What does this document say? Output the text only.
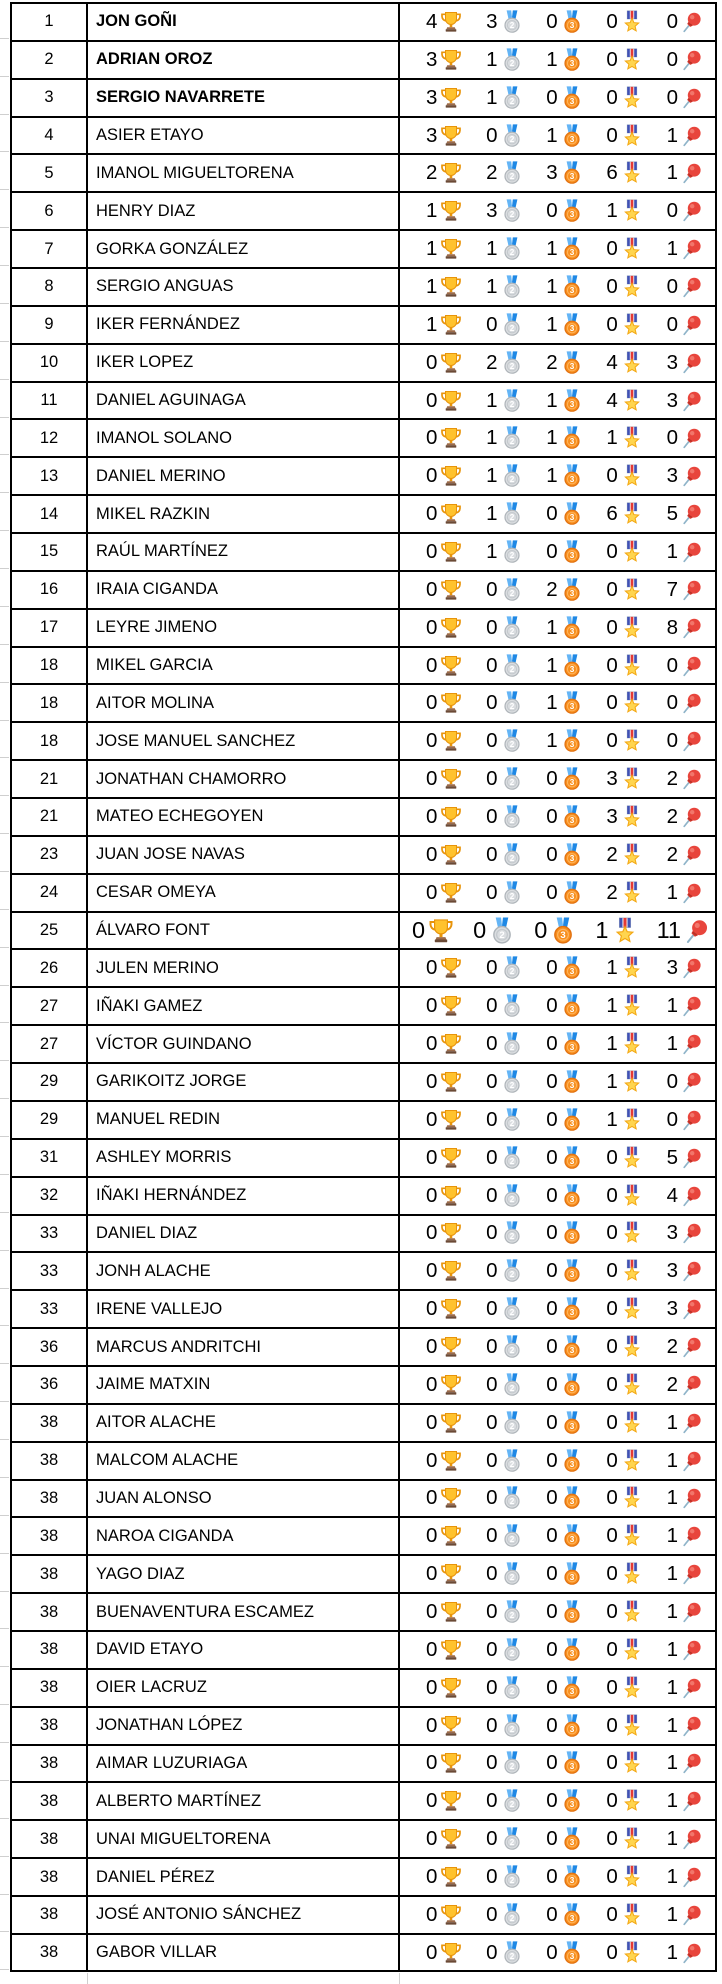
1	JON GOÑI	4 3 2 0 3 0 0
2	ADRIAN OROZ	3 1 2 1 3 0 0
3	SERGIO NAVARRETE	3 1 2 0 3 0 0
4	ASIER ETAYO	3 0 2 1 3 0 1
5	IMANOL MIGUELTORENA	2 2 2 3 3 6 1
6	HENRY DIAZ	1 3 2 0 3 1 0
7	GORKA GONZÁLEZ	1 1 2 1 3 0 1
8	SERGIO ANGUAS	1 1 2 1 3 0 0
9	IKER FERNÁNDEZ	1 0 2 1 3 0 0
10 IKER LOPEZ	0 2 2 2 3 4 3
11 DANIEL AGUINAGA	0 1 2 1 3 4 3
12 IMANOL SOLANO	0 1 2 1 3 1 0
13 DANIEL MERINO	0 1 2 1 3 0 3
14 MIKEL RAZKIN	0 1 2 0 3 6 5
15 RAÚL MARTÍNEZ	0 1 2 0 3 0 1
16 IRAIA CIGANDA	0 0 2 2 3 0 7
17 LEYRE JIMENO	0 0 2 1 3 0 8
18 MIKEL GARCIA	0 0 2 1 3 0 0
18 AITOR MOLINA	0 0 2 1 3 0 0
18 JOSE MANUEL SANCHEZ	0 0 2 1 3 0 0
21 JONATHAN CHAMORRO	0 0 2 0 3 3 2
21 MATEO ECHEGOYEN	0 0 2 0 3 3 2
23 JUAN JOSE NAVAS	0 0 2 0 3 2 2
24 CESAR OMEYA	0 0 2 0 3 2 1
25 ÁLVARO FONT	0 0 2 0 3 1 11
26 JULEN MERINO	0 0 2 0 3 1 3
27 IÑAKI GAMEZ	0 0 2 0 3 1 1
27 VÍCTOR GUINDANO	0 0 2 0 3 1 1
29 GARIKOITZ JORGE	0 0 2 0 3 1 0
29 MANUEL REDIN	0 0 2 0 3 1 0
31 ASHLEY MORRIS	0 0 2 0 3 0 5
32 IÑAKI HERNÁNDEZ	0 0 2 0 3 0 4
33 DANIEL DIAZ	0 0 2 0 3 0 3
33 JONH ALACHE	0 0 2 0 3 0 3
33 IRENE VALLEJO	0 0 2 0 3 0 3
36 MARCUS ANDRITCHI	0 0 2 0 3 0 2
36 JAIME MATXIN	0 0 2 0 3 0 2
38 AITOR ALACHE	0 0 2 0 3 0 1
38 MALCOM ALACHE	0 0 2 0 3 0 1
38 JUAN ALONSO	0 0 2 0 3 0 1
38 NAROA CIGANDA	0 0 2 0 3 0 1
38 YAGO DIAZ	0 0 2 0 3 0 1
38 BUENAVENTURA ESCAMEZ	0 0 2 0 3 0 1
38 DAVID ETAYO	0 0 2 0 3 0 1
38 OIER LACRUZ	0 0 2 0 3 0 1
38 JONATHAN LÓPEZ	0 0 2 0 3 0 1
38 AIMAR LUZURIAGA	0 0 2 0 3 0 1
38 ALBERTO MARTÍNEZ	0 0 2 0 3 0 1
38 UNAI MIGUELTORENA	0 0 2 0 3 0 1
38 DANIEL PÉREZ	0 0 2 0 3 0 1
38 JOSÉ ANTONIO SÁNCHEZ	0 0 2 0 3 0 1
38 GABOR VILLAR	0 0 2 0 3 0 1
